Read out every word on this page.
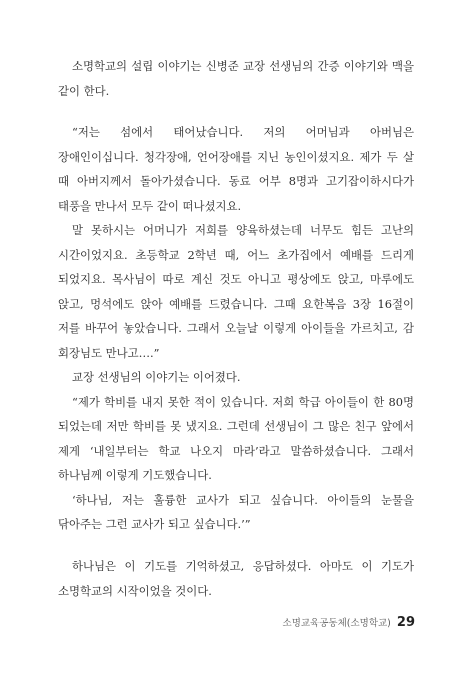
소명학교의 설립 이야기는 신병준 교장 선생님의 간증 이야기와 맥을 같이 한다.

“저는 섬에서 태어났습니다. 저의 어머님과 아버님은 장애인이십니다. 청각장애, 언어장애를 지닌 농인이셨지요. 제가 두 살 때 아버지께서 돌아가셨습니다. 동료 어부 8명과 고기잡이하시다가 태풍을 만나서 모두 같이 떠나셨지요.

말 못하시는 어머니가 저희를 양육하셨는데 너무도 힘든 고난의 시간이었지요. 초등학교 2학년 때, 어느 초가집에서 예배를 드리게 되었지요. 목사님이 따로 계신 것도 아니고 평상에도 앉고, 마루에도 앉고, 멍석에도 앉아 예배를 드렸습니다. 그때 요한복음 3장 16절이 저를 바꾸어 놓았습니다. 그래서 오늘날 이렇게 아이들을 가르치고, 감 회장님도 만나고….”

교장 선생님의 이야기는 이어졌다.

“제가 학비를 내지 못한 적이 있습니다. 저희 학급 아이들이 한 80명 되었는데 저만 학비를 못 냈지요. 그런데 선생님이 그 많은 친구 앞에서 제게 ‘내일부터는 학교 나오지 마라’라고 말씀하셨습니다. 그래서 하나님께 이렇게 기도했습니다.

‘하나님, 저는 훌륭한 교사가 되고 싶습니다. 아이들의 눈물을 닦아주는 그런 교사가 되고 싶습니다.’”

하나님은 이 기도를 기억하셨고, 응답하셨다. 아마도 이 기도가 소명학교의 시작이었을 것이다.

소명교육공동체(소명학교) 29
